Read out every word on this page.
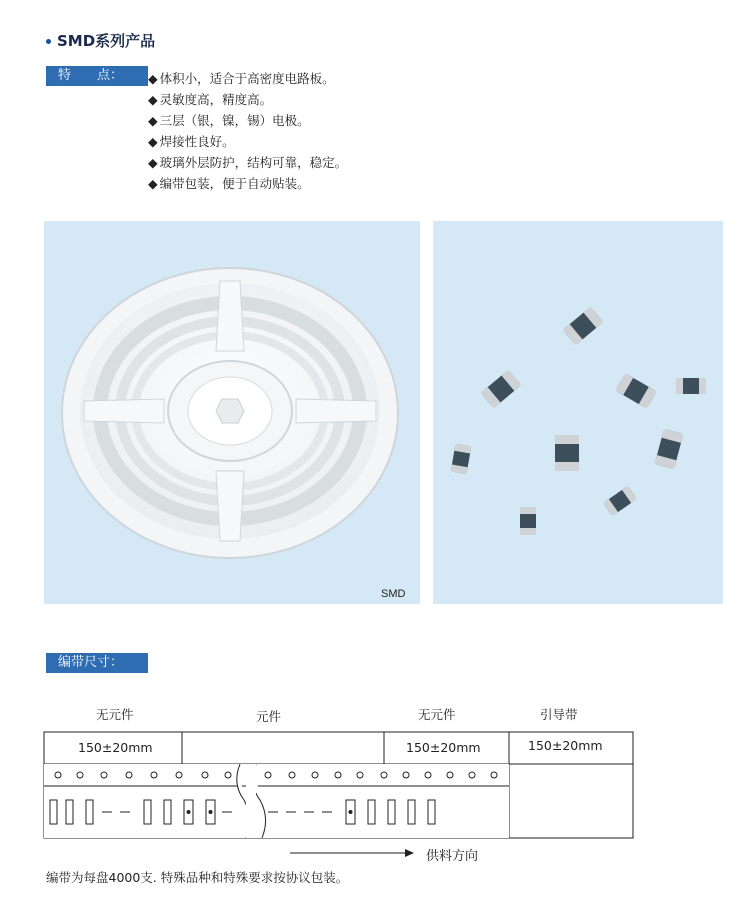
SMD系列产品
特　　点：
◆	体积小，适合于高密度电路板。
◆ 灵敏度高，精度高。
◆ 三层（银，镍，锡）电极。
◆ 焊接性良好。
◆ 玻璃外层防护，结构可靠，稳定。
◆ 编带包装，便于自动贴装。
SMD
编带尺寸：
无元件	元件	无元件	引导带
150±20mm	150±20mm	150±20mm
供料方向
编带为每盘4000支. 特殊品种和特殊要求按协议包装。
